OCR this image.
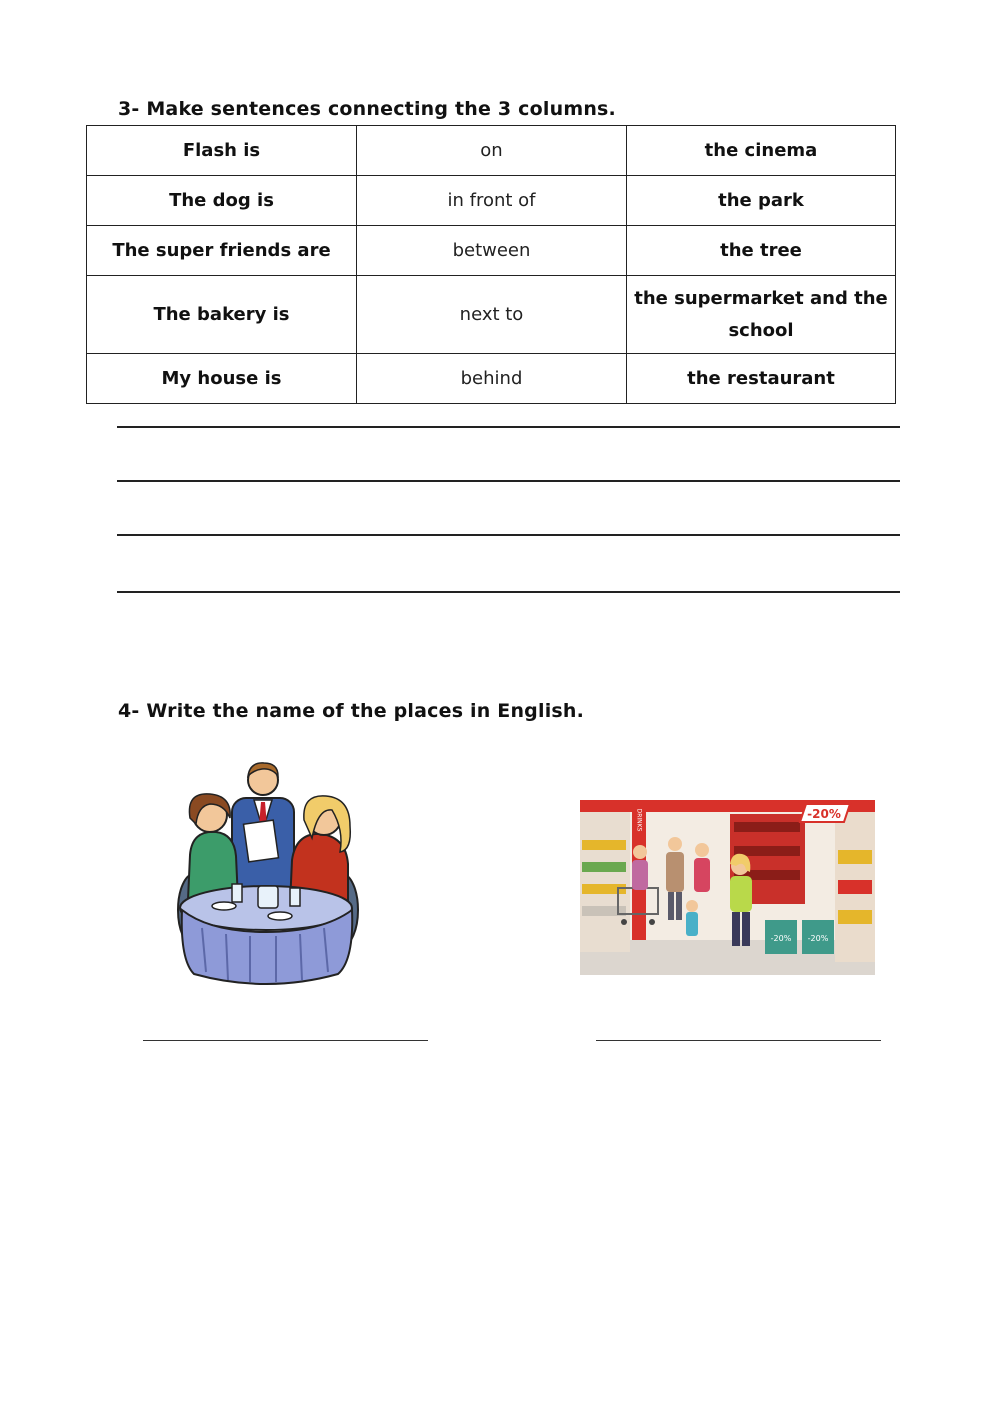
3- Make sentences connecting the 3 columns.
Flash is	on	the cinema
The dog is	in front of	the park
The super friends are	between	the tree
The bakery is	next to	the supermarket and the school
My house is	behind	the restaurant
4- Write the name of the places in English.
DRINKS	-20%
-20% -20%
